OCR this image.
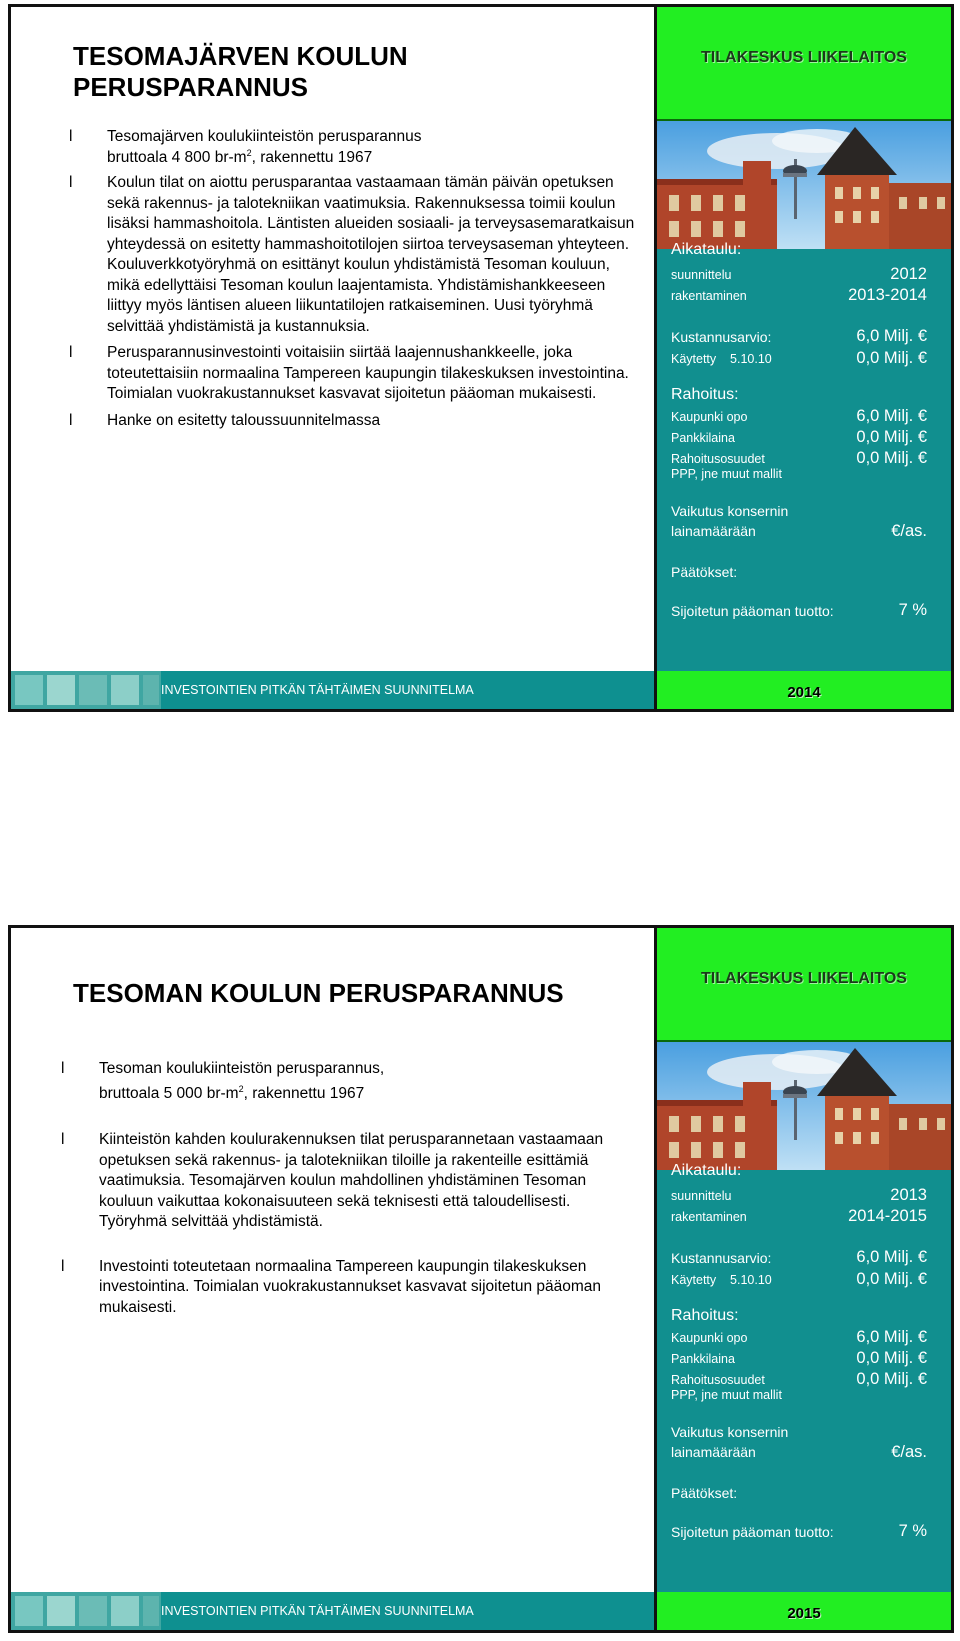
TESOMAJÄRVEN KOULUN PERUSPARANNUS
l Tesomajärven koulukiinteistön perusparannus
bruttoala 4 800 $br-m^2$, rakennettu 1967
l Koulun tilat on aiottu perusparantaa vastaamaan tämän päivän opetuksen sekä rakennus- ja talotekniikan vaatimuksia. Rakennuksessa toimii koulun lisäksi hammashoitola. Läntisten alueiden sosiaali- ja terveysasemaratkaisun yhteydessä on esitetty hammashoitotilojen siirtoa terveysaseman yhteyteen. Kouluverkkotyöryhmä on esittänyt koulun yhdistämistä Tesoman kouluun, mikä edellyttäisi Tesoman koulun laajentamista. Yhdistämishankkeeseen liittyy myös läntisen alueen liikuntatilojen ratkaiseminen. Uusi työryhmä selvittää yhdistämistä ja kustannuksia.
l Perusparannusinvestointi voitaisiin siirtää laajennushankkeelle, joka toteutettaisiin normaalina Tampereen kaupungin tilakeskuksen investointina. Toimialan vuokrakustannukset kasvavat sijoitetun pääoman mukaisesti.
l Hanke on esitetty taloussuunnitelmassa
TILAKESKUS LIIKELAITOS
Aikataulu:
suunnittelu	2012
rakentaminen	2013-2014
Kustannusarvio:	6,0 Milj. €
Käytetty    5.10.10	0,0 Milj. €
Rahoitus:
Kaupunki opo	6,0 Milj. €
Pankkilaina	0,0 Milj. €
Rahoitusosuudet	0,0 Milj. €
PPP, jne muut mallit
Vaikutus konsernin
lainamäärään	€/as.
Päätökset:
Sijoitetun pääoman tuotto:	7 %
INVESTOINTIEN PITKÄN TÄHTÄIMEN SUUNNITELMA	2014
TESOMAN KOULUN PERUSPARANNUS
l Tesoman koulukiinteistön perusparannus,
bruttoala 5 000 $br-m^2$, rakennettu 1967
l Kiinteistön kahden koulurakennuksen tilat perusparannetaan vastaamaan opetuksen sekä rakennus- ja talotekniikan tiloille ja rakenteille esittämiä vaatimuksia. Tesomajärven koulun mahdollinen yhdistäminen Tesoman kouluun vaikuttaa kokonaisuuteen sekä teknisesti että taloudellisesti. Työryhmä selvittää yhdistämistä.
l Investointi toteutetaan normaalina Tampereen kaupungin tilakeskuksen investointina. Toimialan vuokrakustannukset kasvavat sijoitetun pääoman mukaisesti.
TILAKESKUS LIIKELAITOS
Aikataulu:
suunnittelu	2013
rakentaminen	2014-2015
Kustannusarvio:	6,0 Milj. €
Käytetty    5.10.10	0,0 Milj. €
Rahoitus:
Kaupunki opo	6,0 Milj. €
Pankkilaina	0,0 Milj. €
Rahoitusosuudet	0,0 Milj. €
PPP, jne muut mallit
Vaikutus konsernin
lainamäärään	€/as.
Päätökset:
Sijoitetun pääoman tuotto:	7 %
INVESTOINTIEN PITKÄN TÄHTÄIMEN SUUNNITELMA	2015
